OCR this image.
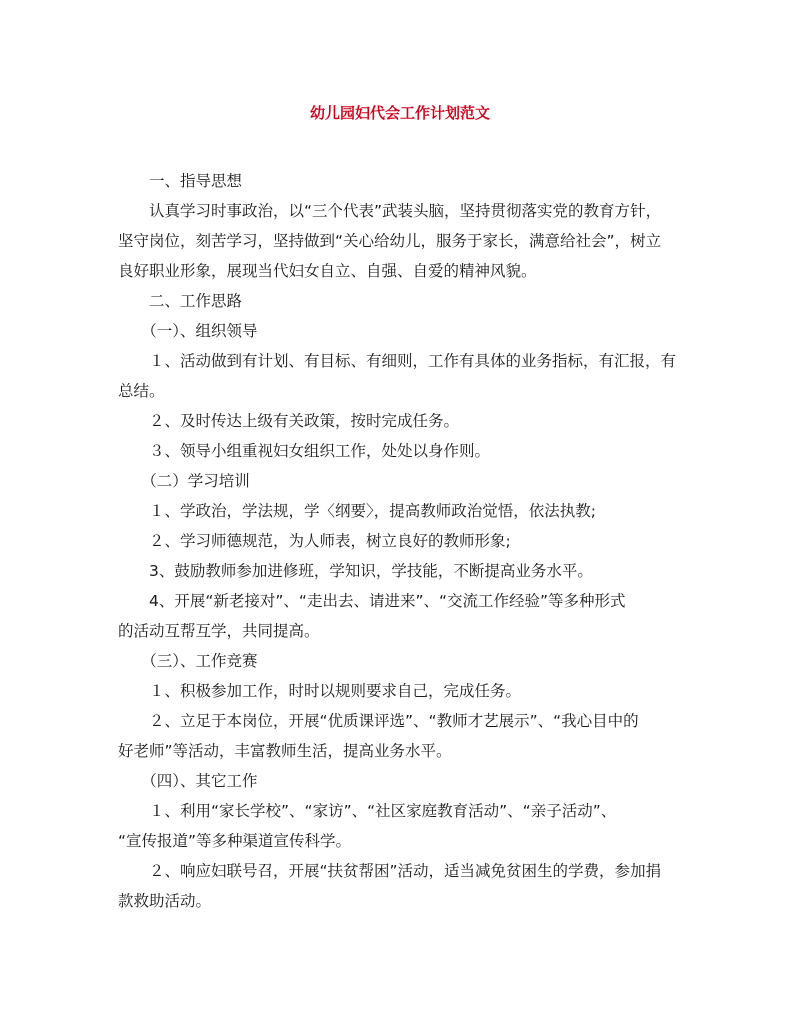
幼儿园妇代会工作计划范文

　　一、指导思想

　　认真学习时事政治，以“三个代表”武装头脑，坚持贯彻落实党的教育方针，

坚守岗位，刻苦学习，坚持做到“关心给幼儿，服务于家长，满意给社会”，树立

良好职业形象，展现当代妇女自立、自强、自爱的精神风貌。

　　二、工作思路

　　（一）、组织领导

　　１、活动做到有计划、有目标、有细则，工作有具体的业务指标，有汇报，有

总结。

　　２、及时传达上级有关政策，按时完成任务。

　　３、领导小组重视妇女组织工作，处处以身作则。

　　（二）学习培训

　　１、学政治，学法规，学〈纲要〉，提高教师政治觉悟，依法执教;

　　２、学习师德规范，为人师表，树立良好的教师形象;

　　3、鼓励教师参加进修班，学知识，学技能，不断提高业务水平。

　　4、开展“新老接对”、“走出去、请进来”、“交流工作经验”等多种形式

的活动互帮互学，共同提高。

　　（三）、工作竞赛

　　１、积极参加工作，时时以规则要求自己，完成任务。

　　２、立足于本岗位，开展“优质课评选”、“教师才艺展示”、“我心目中的

好老师”等活动，丰富教师生活，提高业务水平。

　　（四）、其它工作

　　１、利用“家长学校”、“家访”、“社区家庭教育活动”、“亲子活动”、

“宣传报道”等多种渠道宣传科学。

　　２、响应妇联号召，开展“扶贫帮困”活动，适当减免贫困生的学费，参加捐

款救助活动。
